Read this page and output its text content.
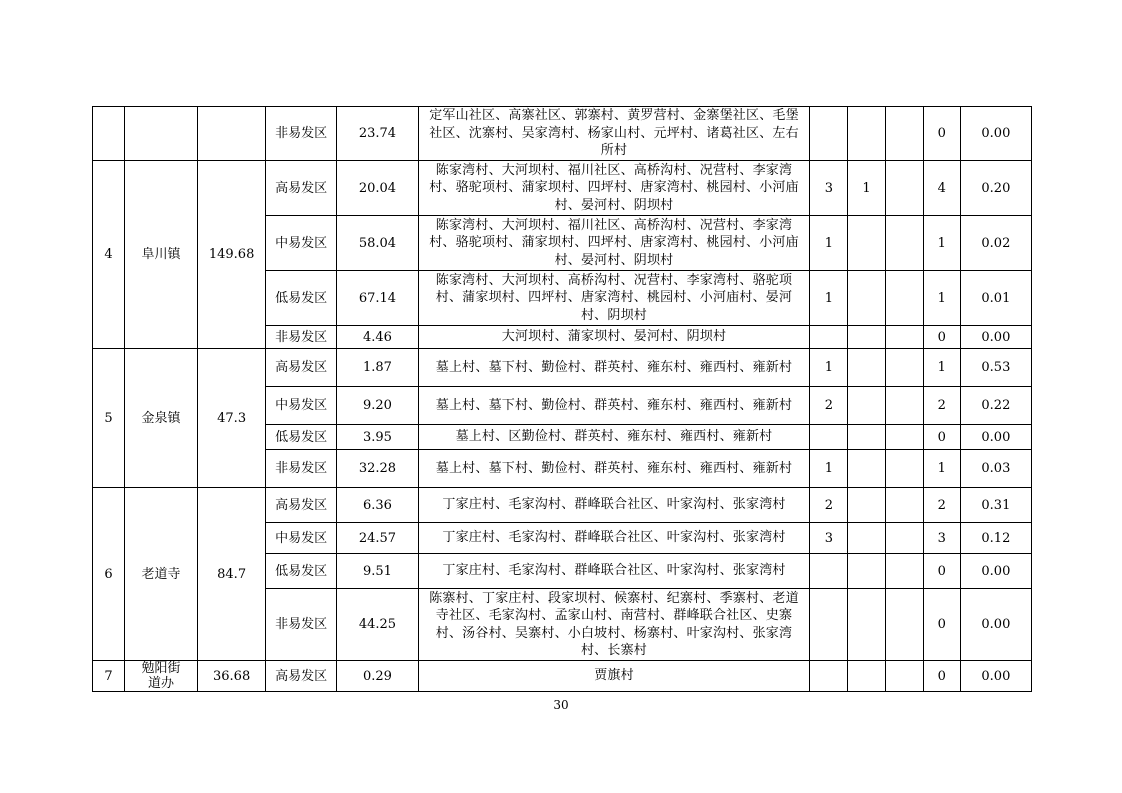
			非易发区	23.74	定军山社区、高寨社区、郭寨村、黄罗营村、金寨堡社区、毛堡社区、沈寨村、吴家湾村、杨家山村、元坪村、诸葛社区、左右所村				0	0.00
4	阜川镇	149.68	高易发区	20.04	陈家湾村、大河坝村、福川社区、高桥沟村、况营村、李家湾村、骆驼项村、蒲家坝村、四坪村、唐家湾村、桃园村、小河庙村、晏河村、阴坝村	3	1		4	0.20
			中易发区	58.04	陈家湾村、大河坝村、福川社区、高桥沟村、况营村、李家湾村、骆驼项村、蒲家坝村、四坪村、唐家湾村、桃园村、小河庙村、晏河村、阴坝村	1			1	0.02
			低易发区	67.14	陈家湾村、大河坝村、高桥沟村、况营村、李家湾村、骆驼项村、蒲家坝村、四坪村、唐家湾村、桃园村、小河庙村、晏河村、阴坝村	1			1	0.01
			非易发区	4.46	大河坝村、蒲家坝村、晏河村、阴坝村				0	0.00
5	金泉镇	47.3	高易发区	1.87	墓上村、墓下村、勤俭村、群英村、雍东村、雍西村、雍新村	1			1	0.53
			中易发区	9.20	墓上村、墓下村、勤俭村、群英村、雍东村、雍西村、雍新村	2			2	0.22
			低易发区	3.95	墓上村、区勤俭村、群英村、雍东村、雍西村、雍新村				0	0.00
			非易发区	32.28	墓上村、墓下村、勤俭村、群英村、雍东村、雍西村、雍新村	1			1	0.03
6	老道寺	84.7	高易发区	6.36	丁家庄村、毛家沟村、群峰联合社区、叶家沟村、张家湾村	2			2	0.31
			中易发区	24.57	丁家庄村、毛家沟村、群峰联合社区、叶家沟村、张家湾村	3			3	0.12
			低易发区	9.51	丁家庄村、毛家沟村、群峰联合社区、叶家沟村、张家湾村				0	0.00
			非易发区	44.25	陈寨村、丁家庄村、段家坝村、候寨村、纪寨村、季寨村、老道寺社区、毛家沟村、孟家山村、南营村、群峰联合社区、史寨村、汤谷村、吴寨村、小白坡村、杨寨村、叶家沟村、张家湾村、长寨村				0	0.00
7	勉阳街道办	36.68	高易发区	0.29	贾旗村				0	0.00
30
